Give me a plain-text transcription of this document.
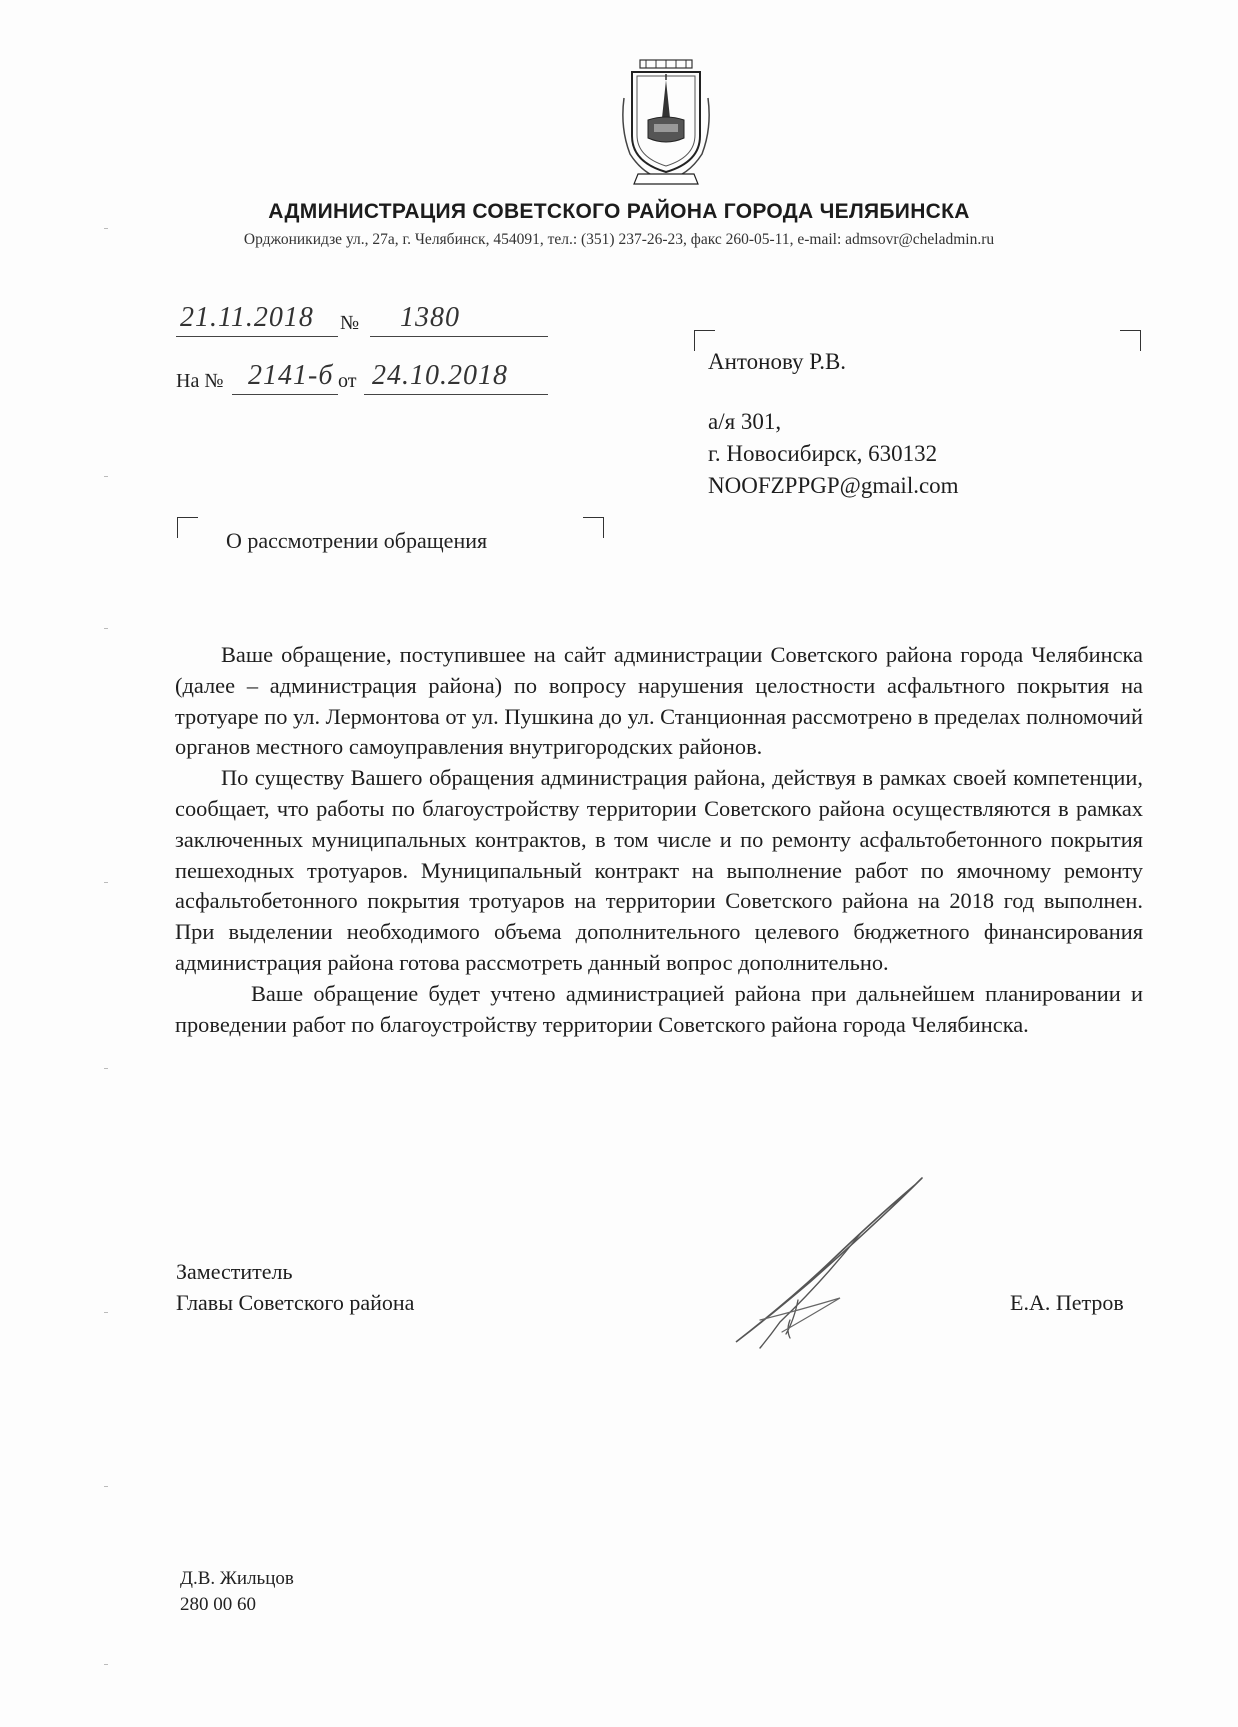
АДМИНИСТРАЦИЯ СОВЕТСКОГО РАЙОНА ГОРОДА ЧЕЛЯБИНСКА
Орджоникидзе ул., 27а, г. Челябинск, 454091, тел.: (351) 237-26-23, факс 260-05-11, e-mail: admsovr@cheladmin.ru
21.11.2018 № 1380
На № 2141-б от 24.10.2018	Антонову Р.В.
а/я 301,
г. Новосибирск, 630132
NOOFZPPGP@gmail.com
О рассмотрении обращения

Ваше обращение, поступившее на сайт администрации Советского района города Челябинска (далее – администрация района) по вопросу нарушения целостности асфальтного покрытия на тротуаре по ул. Лермонтова от ул. Пушкина до ул. Станционная рассмотрено в пределах полномочий органов местного самоуправления внутригородских районов.

По существу Вашего обращения администрация района, действуя в рамках своей компетенции, сообщает, что работы по благоустройству территории Советского района осуществляются в рамках заключенных муниципальных контрактов, в том числе и по ремонту асфальтобетонного покрытия пешеходных тротуаров. Муниципальный контракт на выполнение работ по ямочному ремонту асфальтобетонного покрытия тротуаров на территории Советского района на 2018 год выполнен. При выделении необходимого объема дополнительного целевого бюджетного финансирования администрация района готова рассмотреть данный вопрос дополнительно.

Ваше обращение будет учтено администрацией района при дальнейшем планировании и проведении работ по благоустройству территории Советского района города Челябинска.

Заместитель
Главы Советского района	Е.А. Петров
Д.В. Жильцов
280 00 60
